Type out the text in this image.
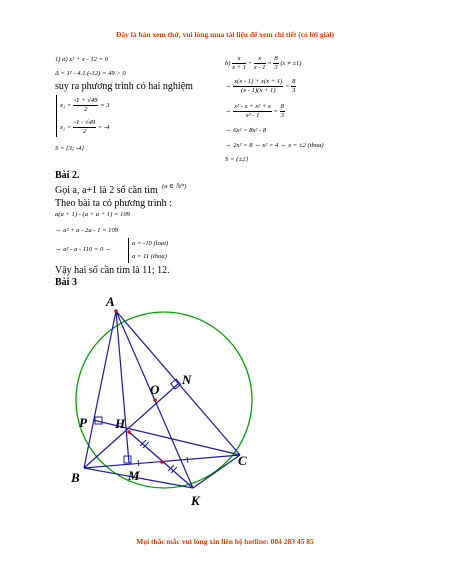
Đây là bản xem thử, vui lòng mua tài liệu để xem chi tiết (có lời giải)
1) a) x² + x - 12 = 0
Δ = 1² - 4.1.(-12) = 49 > 0
suy ra phương trình có hai nghiệm
$x_1 = \frac{-1 + √49}{2} = 3$
$x_2 = \frac{-1 - √49}{2} = -4$
S = {3; -4}
$b) \frac{x}{x + 1} + \frac{x}{x - 1} = \frac{8}{3} (x \ne \pm 1)$
⇔ $\frac{x(x - 1) + x(x + 1)}{(x - 1)(x + 1)} = \frac{8}{3}$
⇔ $\frac{\text{x² - x + x² + x}}{\text{x² - 1}} = \frac{8}{3}$
⇔ 6x² = 8x² - 8
⇔ 2x² = 8 ⇔ x² = 4 ⇔ x = ±2 (thoa)
S = {±2}
Bài 2.
Gọi a, a+1 là 2 số cần tìm (a ∈ ℕ*)
Theo bài ta có phương trình :
a(a + 1) - (a + a + 1) = 109
⇔ a² + a - 2a - 1 = 109
⇔ a² - a - 110 = 0 ⇔
a = -10 (loai)
a = 11 (thoa)
Vậy hai số cần tìm là 11; 12.
Bài 3
A
N
O
P H
C
B	M
K
Mọi thắc mắc vui lòng xin liên hệ hotline: 084 283 45 85
